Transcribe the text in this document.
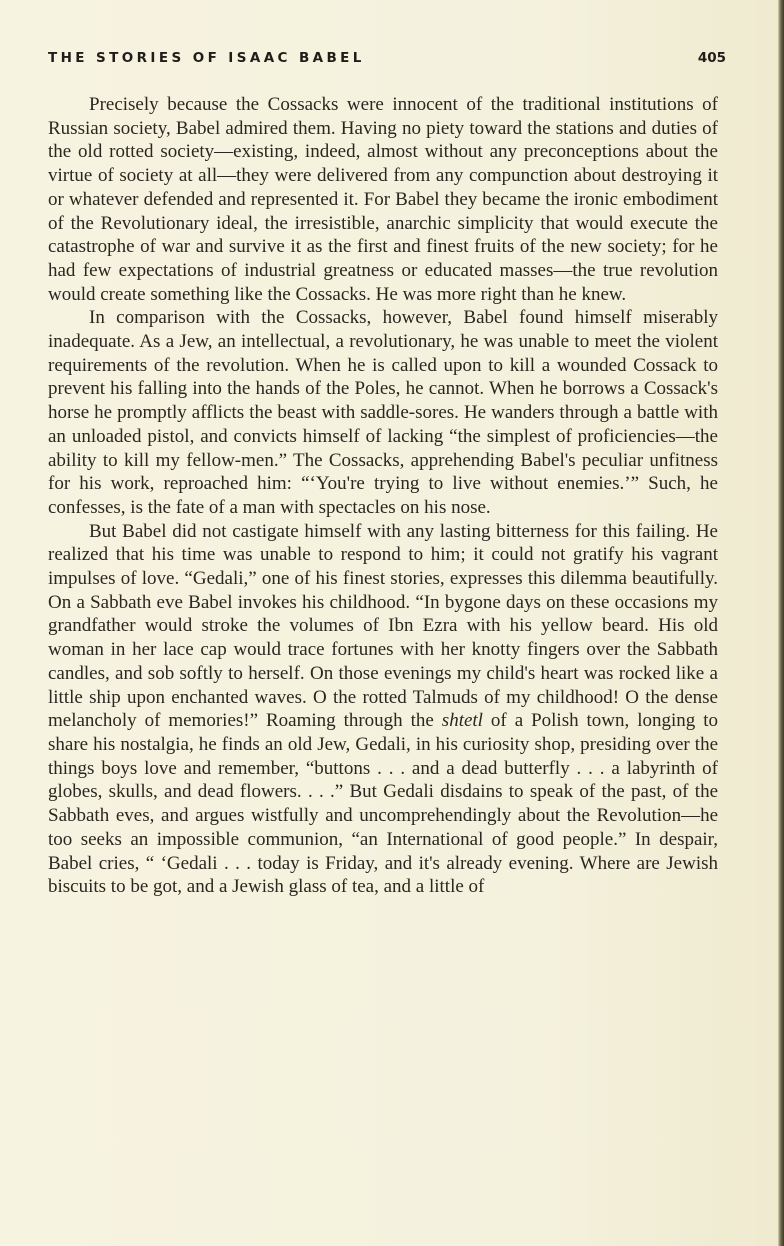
THE STORIES OF ISAAC BABEL	405

Precisely because the Cossacks were innocent of the traditional institutions of Russian society, Babel admired them. Having no piety toward the stations and duties of the old rotted society—existing, indeed, almost without any preconceptions about the virtue of society at all—they were delivered from any compunction about destroying it or whatever defended and represented it. For Babel they became the ironic embodiment of the Revolutionary ideal, the irresistible, anarchic simplicity that would execute the catastrophe of war and survive it as the first and finest fruits of the new society; for he had few expectations of industrial greatness or educated masses—the true revolution would create something like the Cossacks. He was more right than he knew.

In comparison with the Cossacks, however, Babel found himself miserably inadequate. As a Jew, an intellectual, a revolutionary, he was unable to meet the violent requirements of the revolution. When he is called upon to kill a wounded Cossack to prevent his falling into the hands of the Poles, he cannot. When he borrows a Cossack's horse he promptly afflicts the beast with saddle-sores. He wanders through a battle with an unloaded pistol, and convicts himself of lacking “the simplest of proficiencies—the ability to kill my fellow-men.” The Cossacks, apprehending Babel's peculiar unfitness for his work, reproached him: “‘You're trying to live without enemies.’” Such, he confesses, is the fate of a man with spectacles on his nose.

But Babel did not castigate himself with any lasting bitterness for this failing. He realized that his time was unable to respond to him; it could not gratify his vagrant impulses of love. “Gedali,” one of his finest stories, expresses this dilemma beautifully. On a Sabbath eve Babel invokes his childhood. “In bygone days on these occasions my grandfather would stroke the volumes of Ibn Ezra with his yellow beard. His old woman in her lace cap would trace fortunes with her knotty fingers over the Sabbath candles, and sob softly to herself. On those evenings my child's heart was rocked like a little ship upon enchanted waves. O the rotted Talmuds of my childhood! O the dense melancholy of memories!” Roaming through the shtetl of a Polish town, longing to share his nostalgia, he finds an old Jew, Gedali, in his curiosity shop, presiding over the things boys love and remember, “buttons . . . and a dead butterfly . . . a labyrinth of globes, skulls, and dead flowers. . . .” But Gedali disdains to speak of the past, of the Sabbath eves, and argues wistfully and uncomprehendingly about the Revolution—he too seeks an impossible communion, “an International of good people.” In despair, Babel cries, “ ‘Gedali . . . today is Friday, and it's already evening. Where are Jewish biscuits to be got, and a Jewish glass of tea, and a little of
